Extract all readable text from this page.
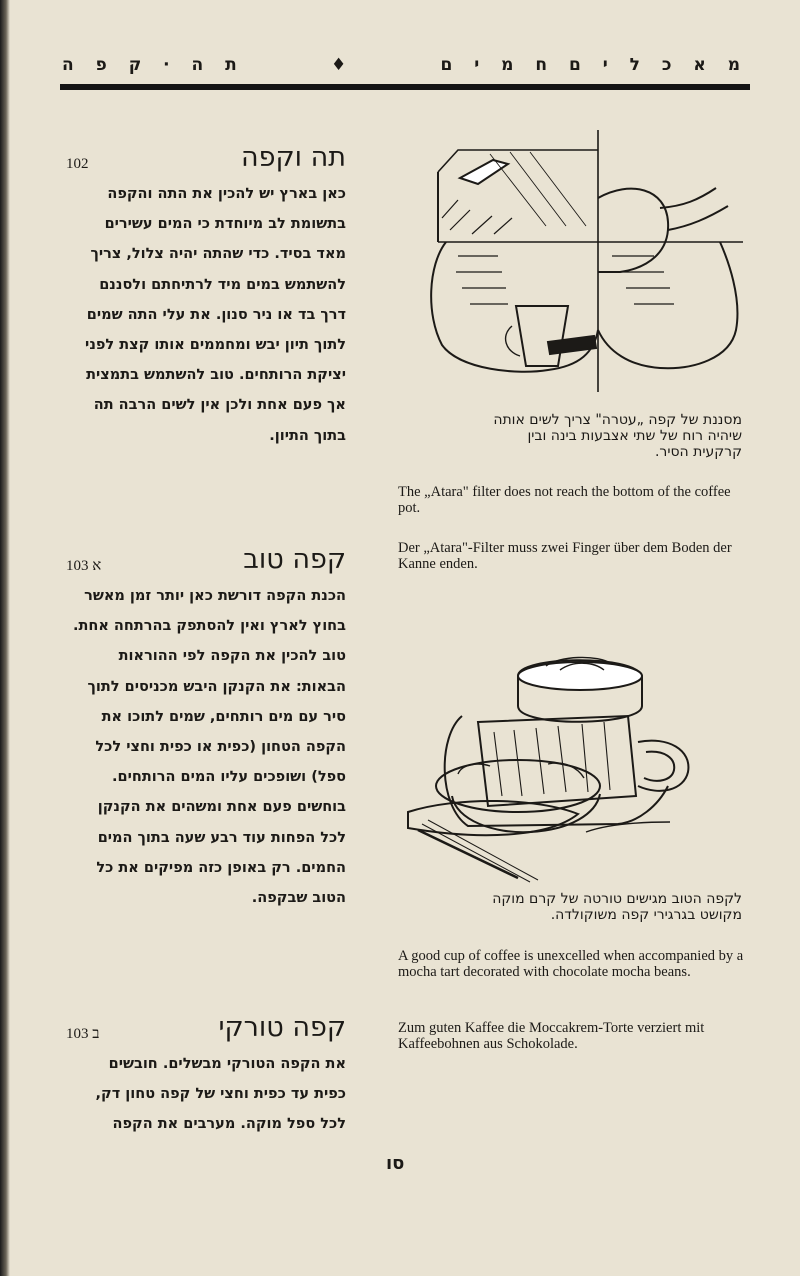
מ א כ ל י ם ח מ י ם
♦
ת ה · ק פ ה
תה וקפה
102
כאן בארץ יש להכין את התה והקפה
בתשומת לב מיוחדת כי המים עשירים
מאד בסיד. כדי שהתה יהיה צלול, צריך
להשתמש במים מיד לרתיחתם ולסננם
דרך בד או ניר סנון. את עלי התה שמים
לתוך תיון יבש ומחממים אותו קצת לפני
יציקת הרותחים. טוב להשתמש בתמצית
אך פעם אחת ולכן אין לשים הרבה תה
בתוך התיון.
קפה טוב
103 א
הכנת הקפה דורשת כאן יותר זמן מאשר
בחוץ לארץ ואין להסתפק בהרתחה אחת.
טוב להכין את הקפה לפי ההוראות
הבאות: את הקנקן היבש מכניסים לתוך
סיר עם מים רותחים, שמים לתוכו את
הקפה הטחון (כפית או כפית וחצי לכל
ספל) ושופכים עליו המים הרותחים.
בוחשים פעם אחת ומשהים את הקנקן
לכל הפחות עוד רבע שעה בתוך המים
החמים. רק באופן כזה מפיקים את כל
הטוב שבקפה.
קפה טורקי
103 ב
את הקפה הטורקי מבשלים. חובשים
כפית עד כפית וחצי של קפה טחון דק,
לכל ספל מוקה. מערבים את הקפה
מסננת של קפה „עטרה" צריך לשים אותה
שיהיה רוח של שתי אצבעות בינה ובין
קרקעית הסיר.
The „Atara" filter does not reach the bottom of the coffee pot.
Der „Atara"-Filter muss zwei Finger über dem Boden der Kanne enden.
לקפה הטוב מגישים טורטה של קרם מוקה
מקושט בגרגירי קפה משוקולדה.
A good cup of coffee is unexcelled when accompanied by a mocha tart decorated with chocolate mocha beans.
Zum guten Kaffee die Moccakrem-Torte verziert mit Kaffeebohnen aus Schokolade.
סו
